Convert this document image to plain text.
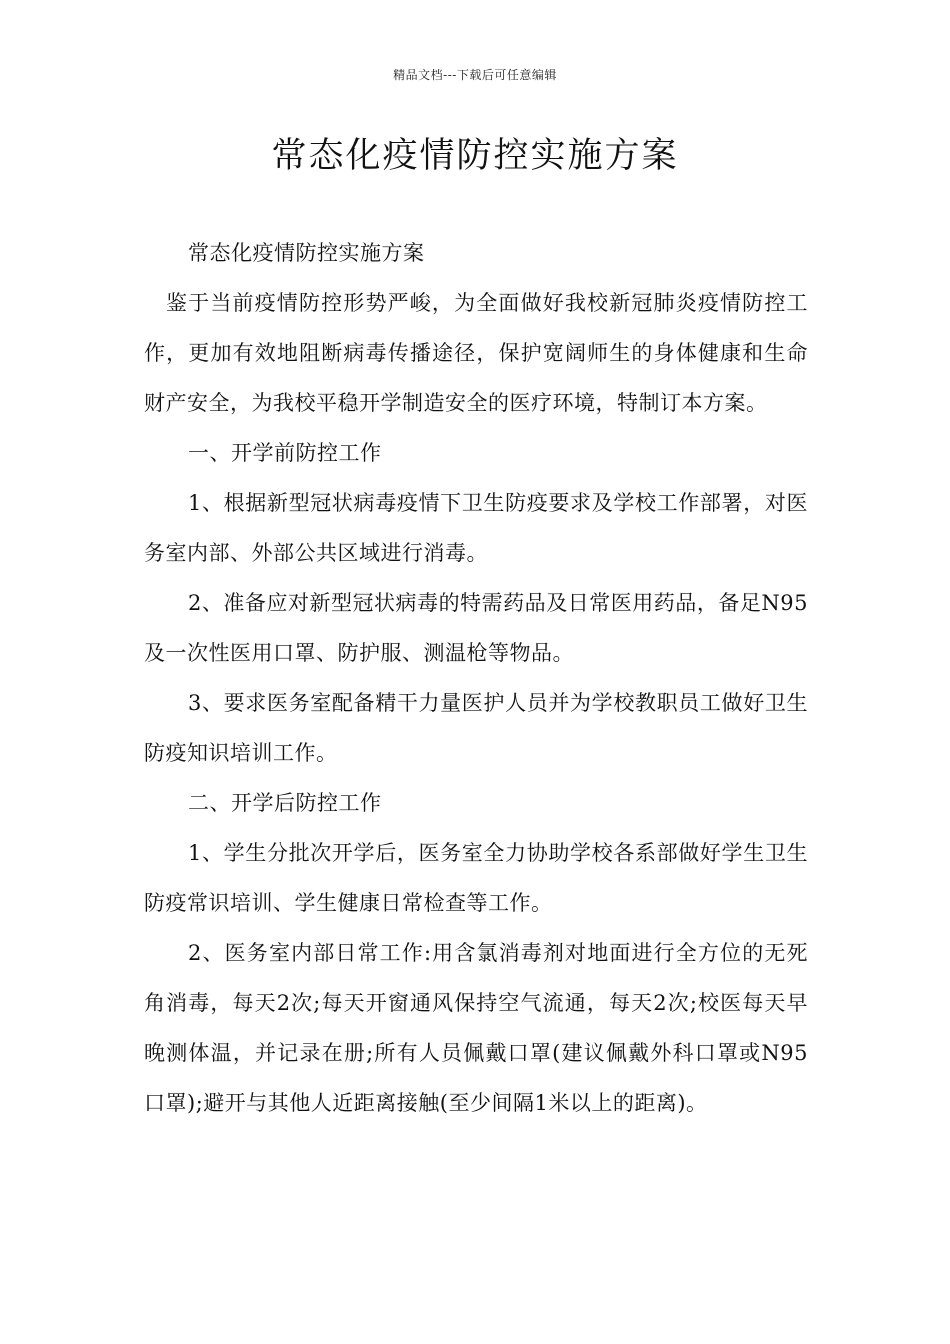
精品文档---下载后可任意编辑
常态化疫情防控实施方案

常态化疫情防控实施方案

鉴于当前疫情防控形势严峻，为全面做好我校新冠肺炎疫情防控工作，更加有效地阻断病毒传播途径，保护宽阔师生的身体健康和生命财产安全，为我校平稳开学制造安全的医疗环境，特制订本方案。

一、开学前防控工作

1、根据新型冠状病毒疫情下卫生防疫要求及学校工作部署，对医务室内部、外部公共区域进行消毒。

2、准备应对新型冠状病毒的特需药品及日常医用药品，备足N95及一次性医用口罩、防护服、测温枪等物品。

3、要求医务室配备精干力量医护人员并为学校教职员工做好卫生防疫知识培训工作。

二、开学后防控工作

1、学生分批次开学后，医务室全力协助学校各系部做好学生卫生防疫常识培训、学生健康日常检查等工作。

2、医务室内部日常工作:用含氯消毒剂对地面进行全方位的无死角消毒，每天2次;每天开窗通风保持空气流通，每天2次;校医每天早晚测体温，并记录在册;所有人员佩戴口罩(建议佩戴外科口罩或N95口罩);避开与其他人近距离接触(至少间隔1米以上的距离)。
